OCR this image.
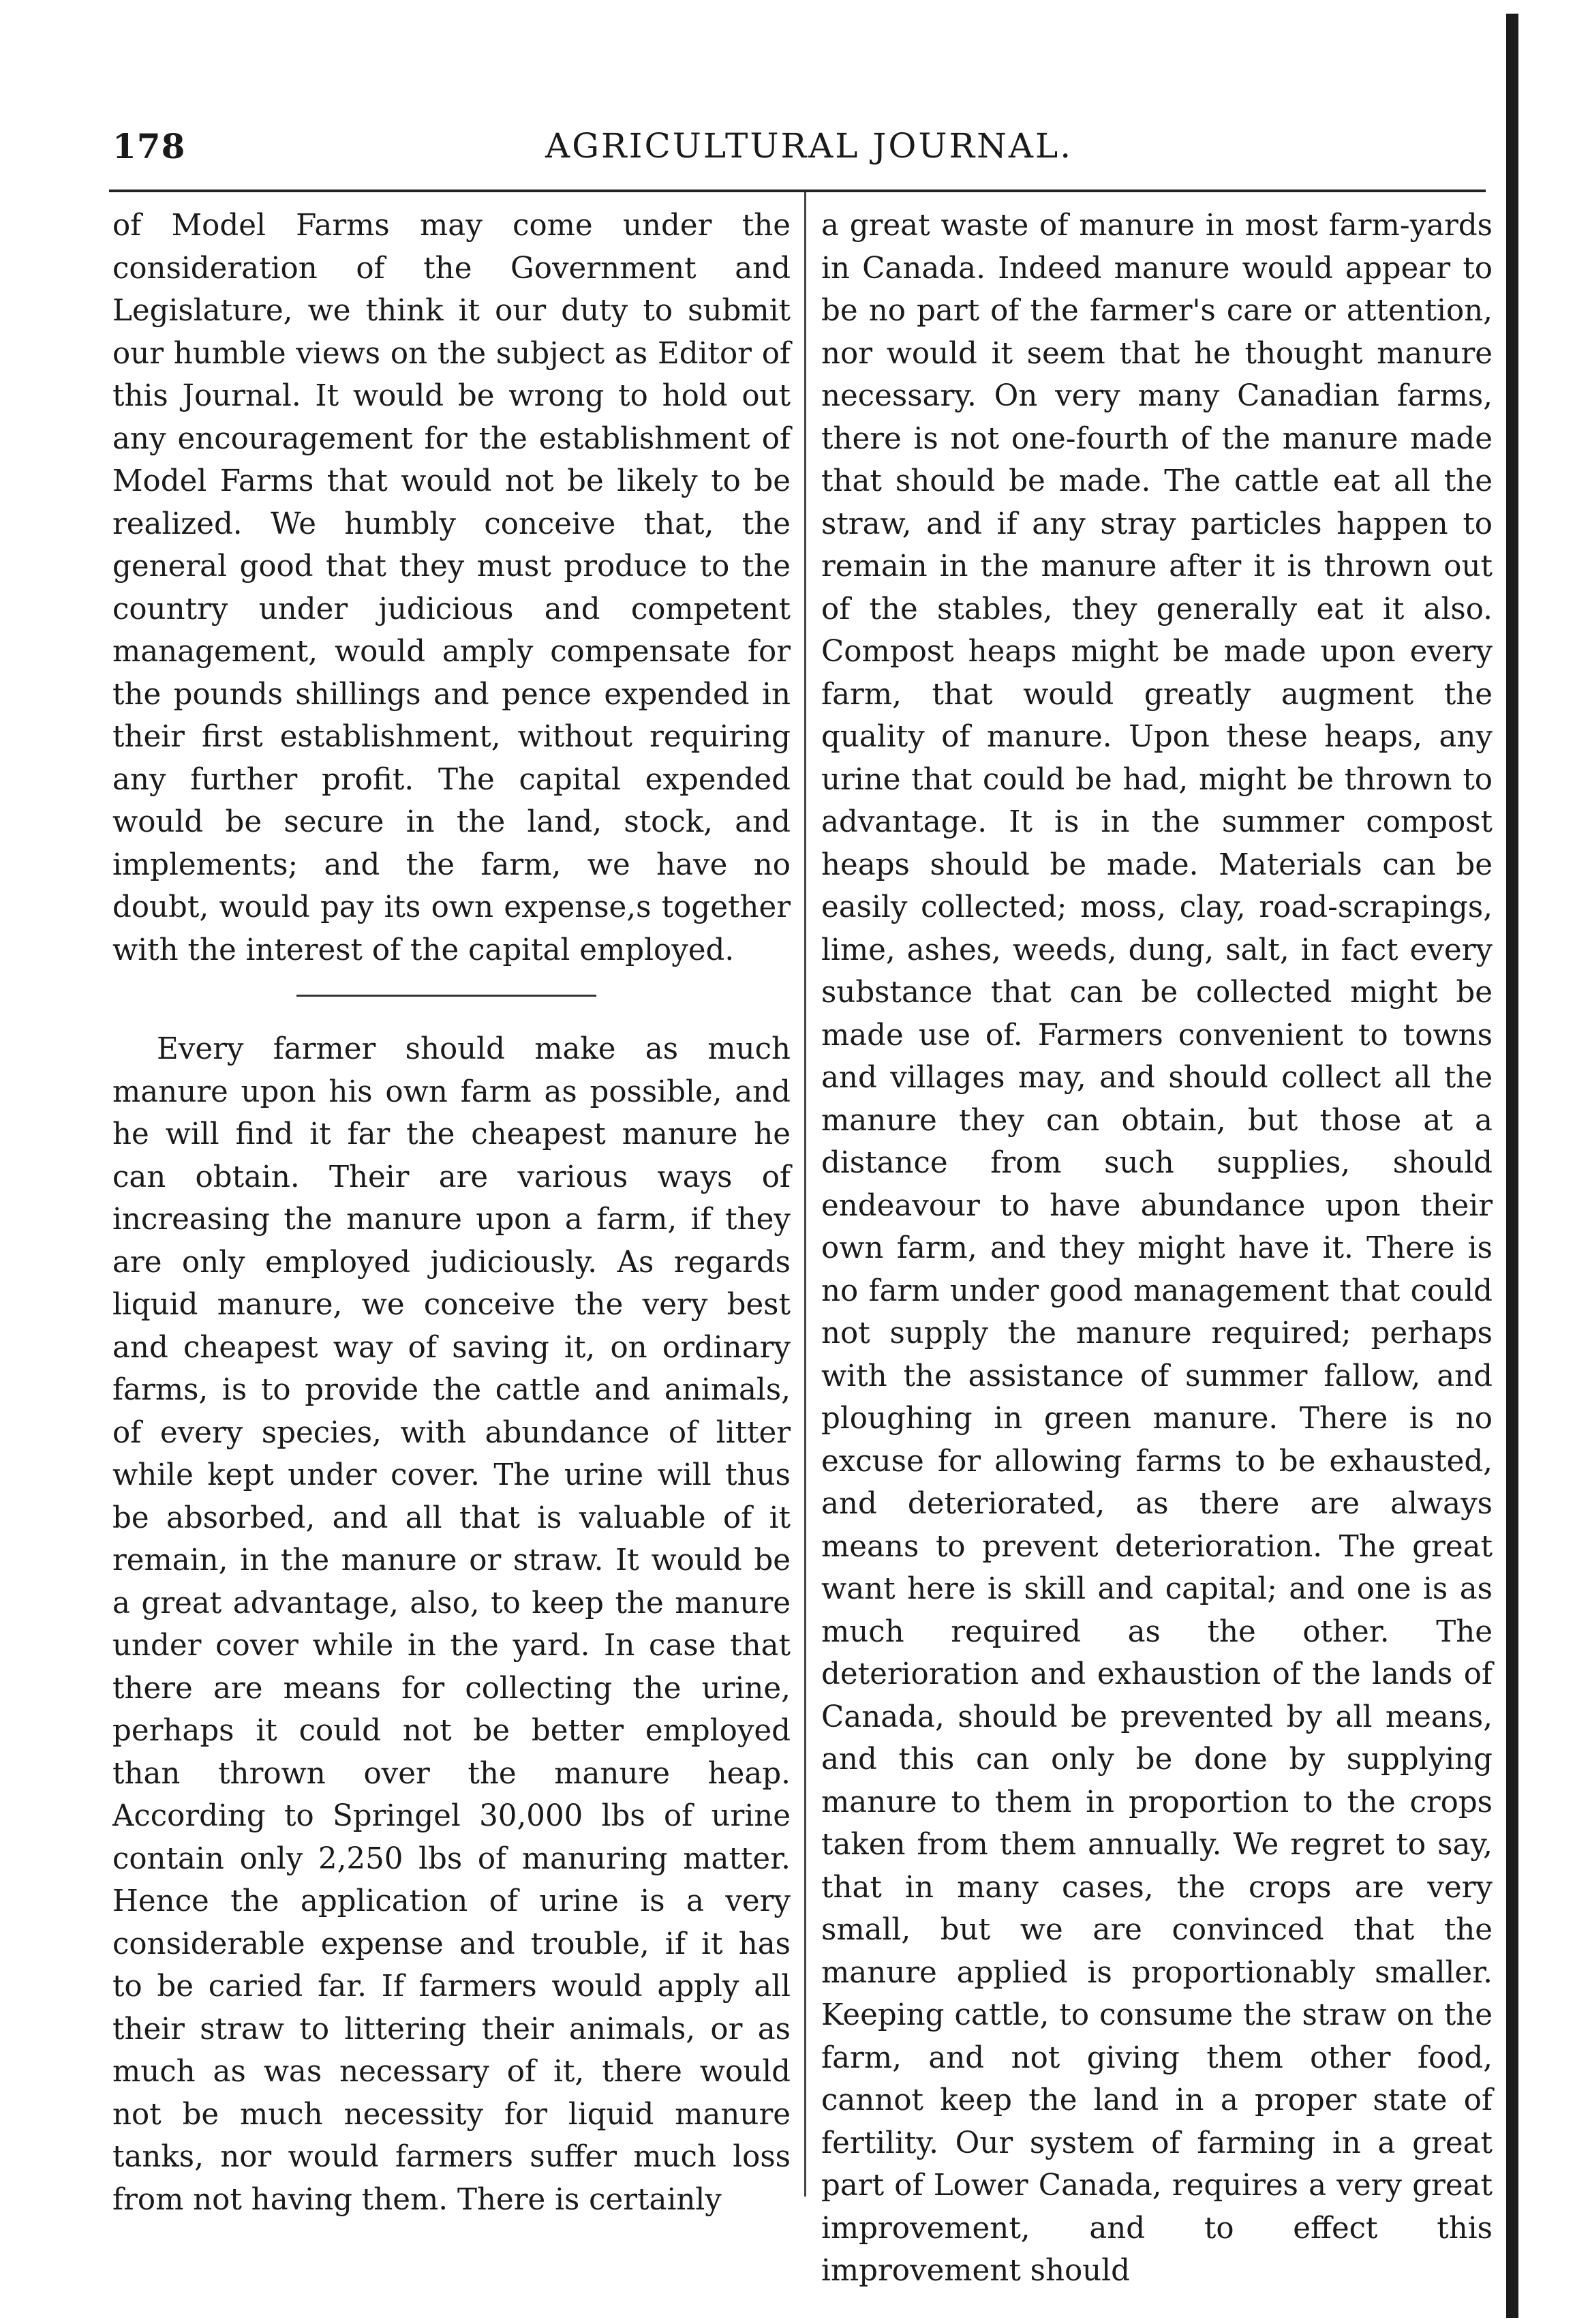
178	AGRICULTURAL JOURNAL.

of Model Farms may come under the consideration of the Government and Legislature, we think it our duty to submit our humble views on the subject as Editor of this Journal. It would be wrong to hold out any encouragement for the establishment of Model Farms that would not be likely to be realized. We humbly conceive that, the general good that they must produce to the country under judicious and competent management, would amply compensate for the pounds shillings and pence expended in their first establishment, without requiring any further profit. The capital expended would be secure in the land, stock, and implements; and the farm, we have no doubt, would pay its own expense,s together with the interest of the capital employed.

Every farmer should make as much manure upon his own farm as possible, and he will find it far the cheapest manure he can obtain. Their are various ways of increasing the manure upon a farm, if they are only employed judiciously. As regards liquid manure, we conceive the very best and cheapest way of saving it, on ordinary farms, is to provide the cattle and animals, of every species, with abundance of litter while kept under cover. The urine will thus be absorbed, and all that is valuable of it remain, in the manure or straw. It would be a great advantage, also, to keep the manure under cover while in the yard. In case that there are means for collecting the urine, perhaps it could not be better employed than thrown over the manure heap. According to Springel 30,000 lbs of urine contain only 2,250 lbs of manuring matter. Hence the application of urine is a very considerable expense and trouble, if it has to be caried far. If farmers would apply all their straw to littering their animals, or as much as was necessary of it, there would not be much necessity for liquid manure tanks, nor would farmers suffer much loss from not having them. There is certainly

a great waste of manure in most farm-yards in Canada. Indeed manure would appear to be no part of the farmer's care or attention, nor would it seem that he thought manure necessary. On very many Canadian farms, there is not one-fourth of the manure made that should be made. The cattle eat all the straw, and if any stray particles happen to remain in the manure after it is thrown out of the stables, they generally eat it also. Compost heaps might be made upon every farm, that would greatly augment the quality of manure. Upon these heaps, any urine that could be had, might be thrown to advantage. It is in the summer compost heaps should be made. Materials can be easily collected; moss, clay, road-scrapings, lime, ashes, weeds, dung, salt, in fact every substance that can be collected might be made use of. Farmers convenient to towns and villages may, and should collect all the manure they can obtain, but those at a distance from such supplies, should endeavour to have abundance upon their own farm, and they might have it. There is no farm under good management that could not supply the manure required; perhaps with the assistance of summer fallow, and ploughing in green manure. There is no excuse for allowing farms to be exhausted, and deteriorated, as there are always means to prevent deterioration. The great want here is skill and capital; and one is as much required as the other. The deterioration and exhaustion of the lands of Canada, should be prevented by all means, and this can only be done by supplying manure to them in proportion to the crops taken from them annually. We regret to say, that in many cases, the crops are very small, but we are convinced that the manure applied is proportionably smaller. Keeping cattle, to consume the straw on the farm, and not giving them other food, cannot keep the land in a proper state of fertility. Our system of farming in a great part of Lower Canada, requires a very great improvement, and to effect this improvement should
